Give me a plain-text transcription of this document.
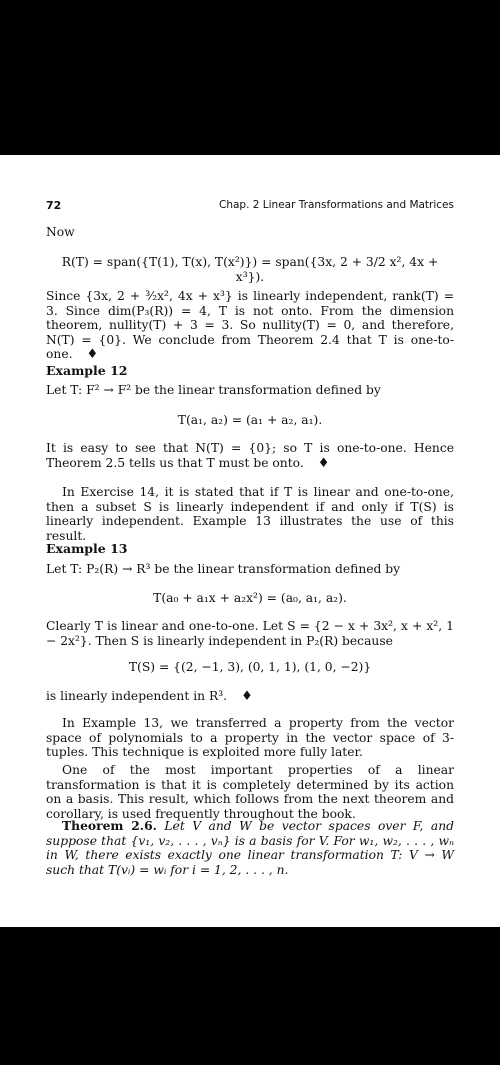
72	Chap. 2 Linear Transformations and Matrices

Now

R(T) = span({T(1), T(x), T(x²)}) = span({3x, 2 + 3/2 x², 4x + x³}).

Since {3x, 2 + ³⁄₂x², 4x + x³} is linearly independent, rank(T) = 3. Since dim(P₃(R)) = 4, T is not onto. From the dimension theorem, nullity(T) + 3 = 3. So nullity(T) = 0, and therefore, N(T) = {0}. We conclude from Theorem 2.4 that T is one-to-one. ♦

Example 12

Let T: F² → F² be the linear transformation defined by

T(a₁, a₂) = (a₁ + a₂, a₁).

It is easy to see that N(T) = {0}; so T is one-to-one. Hence Theorem 2.5 tells us that T must be onto. ♦

In Exercise 14, it is stated that if T is linear and one-to-one, then a subset S is linearly independent if and only if T(S) is linearly independent. Example 13 illustrates the use of this result.

Example 13

Let T: P₂(R) → R³ be the linear transformation defined by

T(a₀ + a₁x + a₂x²) = (a₀, a₁, a₂).

Clearly T is linear and one-to-one. Let S = {2 − x + 3x², x + x², 1 − 2x²}. Then S is linearly independent in P₂(R) because

T(S) = {(2, −1, 3), (0, 1, 1), (1, 0, −2)}

is linearly independent in R³. ♦

In Example 13, we transferred a property from the vector space of polynomials to a property in the vector space of 3-tuples. This technique is exploited more fully later.

One of the most important properties of a linear transformation is that it is completely determined by its action on a basis. This result, which follows from the next theorem and corollary, is used frequently throughout the book.

Theorem 2.6. Let V and W be vector spaces over F, and suppose that {v₁, v₂, . . . , vₙ} is a basis for V. For w₁, w₂, . . . , wₙ in W, there exists exactly one linear transformation T: V → W such that T(vᵢ) = wᵢ for i = 1, 2, . . . , n.
